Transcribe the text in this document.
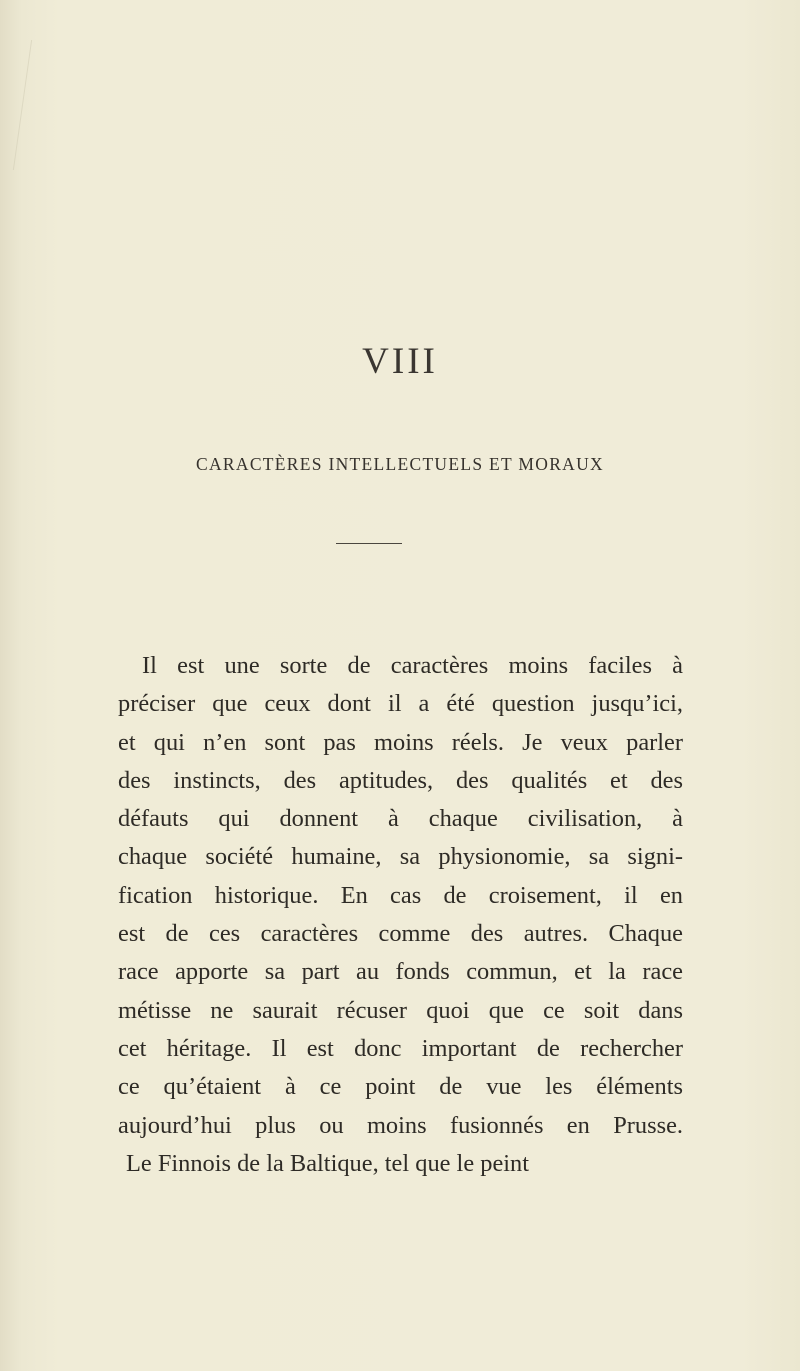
VIII
CARACTÈRES INTELLECTUELS ET MORAUX
Il est une sorte de caractères moins faciles à
préciser que ceux dont il a été question jusqu’ici,
et qui n’en sont pas moins réels. Je veux parler
des instincts, des aptitudes, des qualités et des
défauts qui donnent à chaque civilisation, à
chaque société humaine, sa physionomie, sa signi-
fication historique. En cas de croisement, il en
est de ces caractères comme des autres. Chaque
race apporte sa part au fonds commun, et la race
métisse ne saurait récuser quoi que ce soit dans
cet héritage. Il est donc important de rechercher
ce qu’étaient à ce point de vue les éléments
aujourd’hui plus ou moins fusionnés en Prusse.
Le Finnois de la Baltique, tel que le peint
